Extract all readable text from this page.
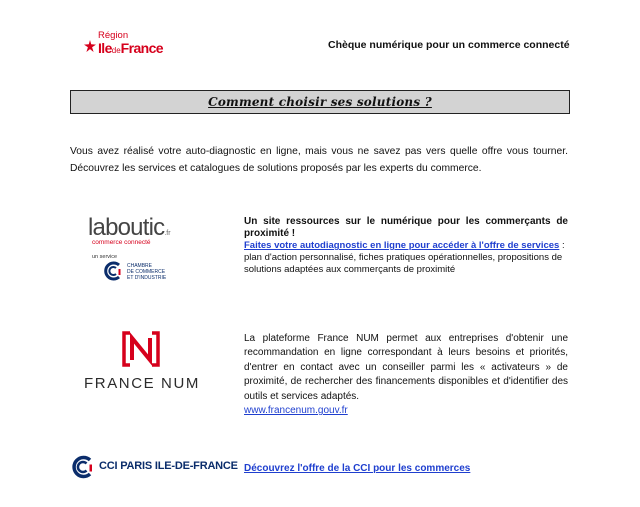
Région
IledeFrance	Chèque numérique pour un commerce connecté
Comment choisir ses solutions ?
Vous avez réalisé votre auto-diagnostic en ligne, mais vous ne savez pas vers quelle offre vous tourner. Découvrez les services et catalogues de solutions proposés par les experts du commerce.
laboutic.fr
commerce connecté
un service
CHAMBRE
DE COMMERCE
ET D'INDUSTRIE
Un site ressources sur le numérique pour les commerçants de proximité !
Faites votre autodiagnostic en ligne pour accéder à l'offre de services : plan d'action personnalisé, fiches pratiques opérationnelles, propositions de solutions adaptées aux commerçants de proximité
FRANCE NUM
La plateforme France NUM permet aux entreprises d'obtenir une recommandation en ligne correspondant à leurs besoins et priorités, d'entrer en contact avec un conseiller parmi les « activateurs » de proximité, de rechercher des financements disponibles et d'identifier des outils et services adaptés.
www.francenum.gouv.fr
CCI PARIS ILE-DE-FRANCE Découvrez l'offre de la CCI pour les commerces
